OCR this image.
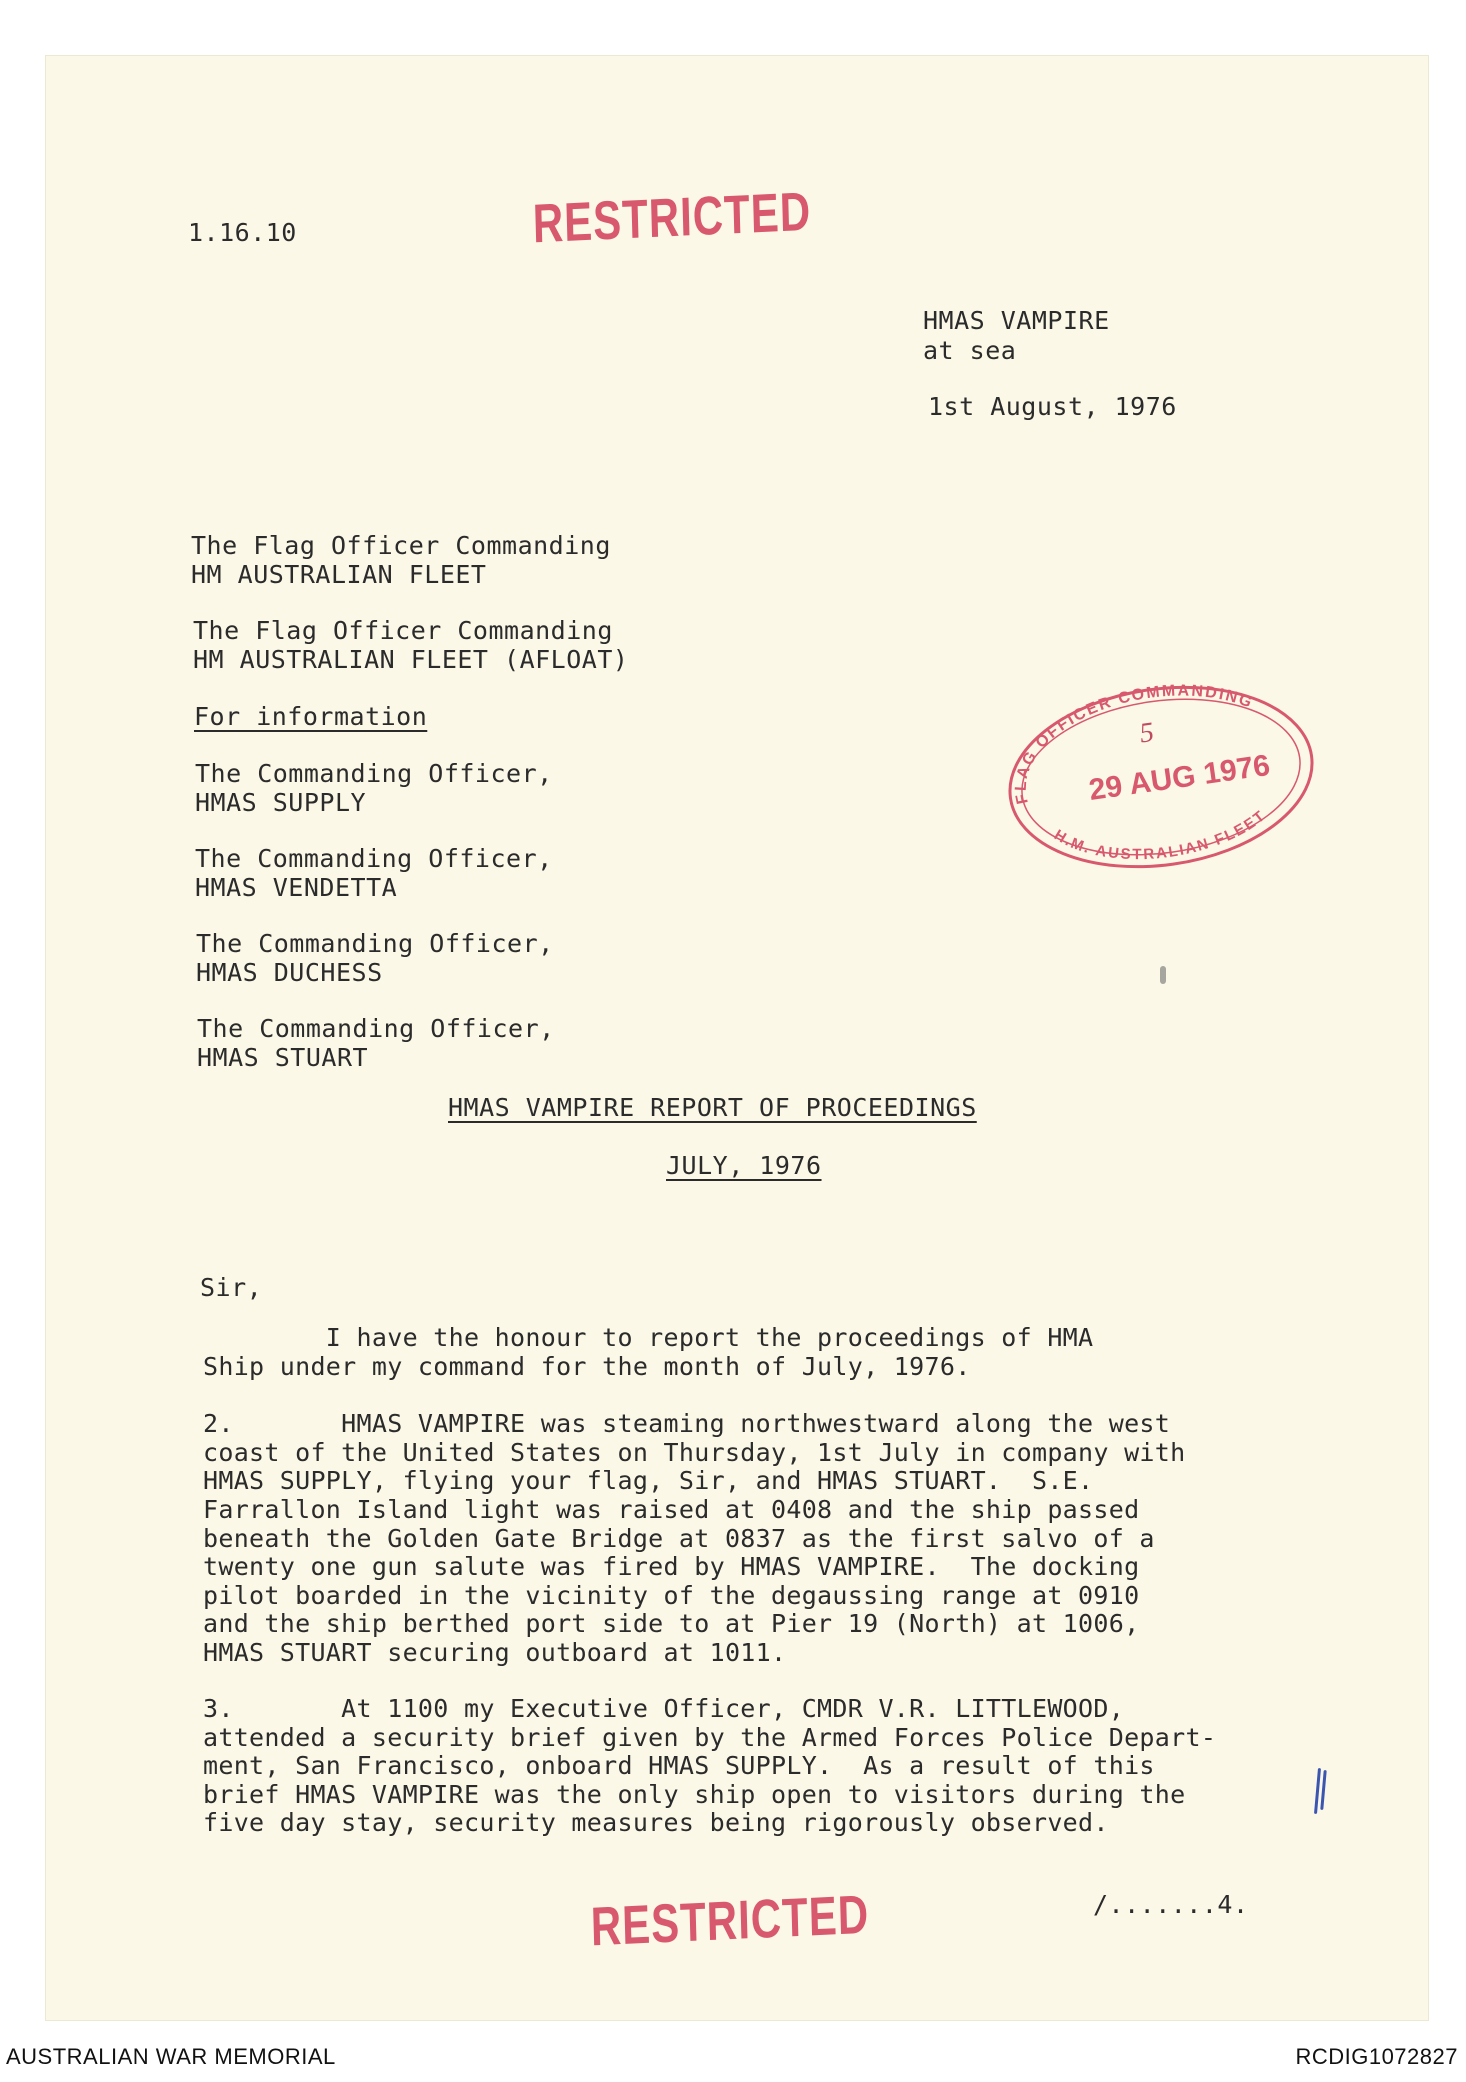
1.16.10	RESTRICTED
HMAS VAMPIRE
at sea
1st August, 1976
The Flag Officer Commanding
HM AUSTRALIAN FLEET
The Flag Officer Commanding
HM AUSTRALIAN FLEET (AFLOAT)
For information
The Commanding Officer,
HMAS SUPPLY
The Commanding Officer,
HMAS VENDETTA
The Commanding Officer,
HMAS DUCHESS
The Commanding Officer,
HMAS STUART
FLAG OFFICER COMMANDING
H.M. AUSTRALIAN FLEET
5
29 AUG 1976
HMAS VAMPIRE REPORT OF PROCEEDINGS
JULY, 1976
Sir,
I have the honour to report the proceedings of HMA
Ship under my command for the month of July, 1976.
2.       HMAS VAMPIRE was steaming northwestward along the west
coast of the United States on Thursday, 1st July in company with
HMAS SUPPLY, flying your flag, Sir, and HMAS STUART.  S.E.
Farrallon Island light was raised at 0408 and the ship passed
beneath the Golden Gate Bridge at 0837 as the first salvo of a
twenty one gun salute was fired by HMAS VAMPIRE.  The docking
pilot boarded in the vicinity of the degaussing range at 0910
and the ship berthed port side to at Pier 19 (North) at 1006,
HMAS STUART securing outboard at 1011.
3.       At 1100 my Executive Officer, CMDR V.R. LITTLEWOOD,
attended a security brief given by the Armed Forces Police Depart-
ment, San Francisco, onboard HMAS SUPPLY.  As a result of this
brief HMAS VAMPIRE was the only ship open to visitors during the
five day stay, security measures being rigorously observed.
RESTRICTED	/.......4.
AUSTRALIAN WAR MEMORIAL	RCDIG1072827
